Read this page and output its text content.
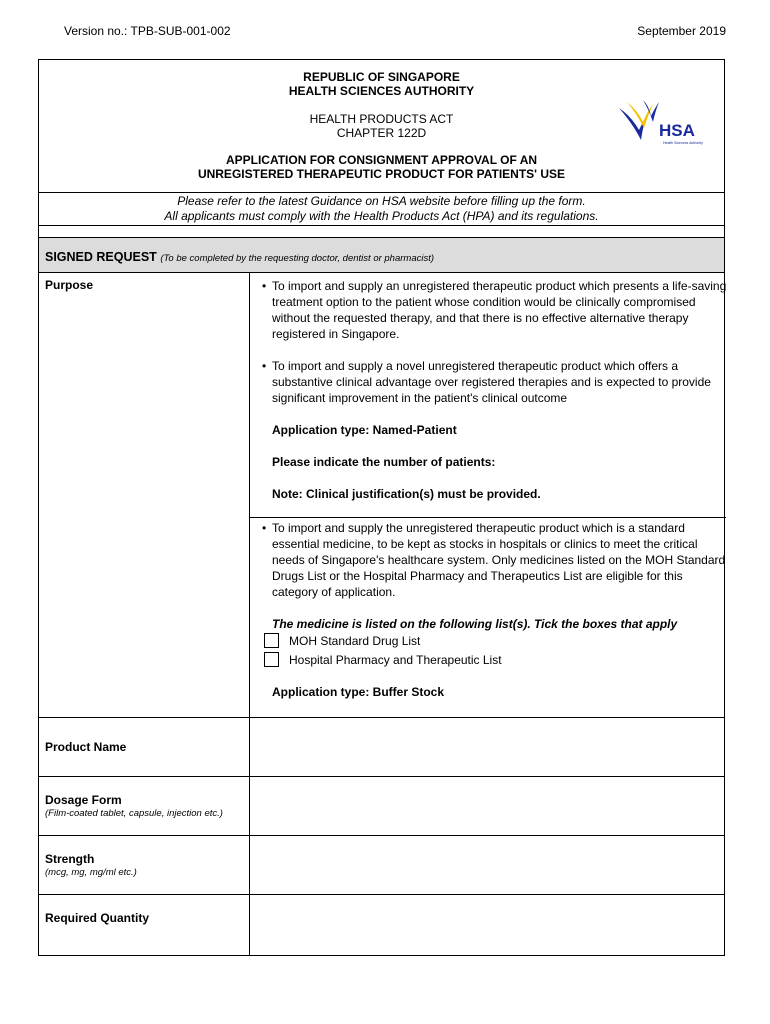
Version no.: TPB-SUB-001-002	September 2019
REPUBLIC OF SINGAPORE
HEALTH SCIENCES AUTHORITY
HEALTH PRODUCTS ACT
CHAPTER 122D
APPLICATION FOR CONSIGNMENT APPROVAL OF AN
UNREGISTERED THERAPEUTIC PRODUCT FOR PATIENTS' USE
HSA
Health Sciences Authority
Please refer to the latest Guidance on HSA website before filling up the form.
All applicants must comply with the Health Products Act (HPA) and its regulations.
SIGNED REQUEST (To be completed by the requesting doctor, dentist or pharmacist)
Purpose	• To import and supply an unregistered therapeutic product which presents a life-saving treatment option to the patient whose condition would be clinically compromised without the requested therapy, and that there is no effective alternative therapy registered in Singapore.
• To import and supply a novel unregistered therapeutic product which offers a substantive clinical advantage over registered therapies and is expected to provide significant improvement in the patient's clinical outcome
Application type: Named-Patient
Please indicate the number of patients:
Note: Clinical justification(s) must be provided.
• To import and supply the unregistered therapeutic product which is a standard essential medicine, to be kept as stocks in hospitals or clinics to meet the critical needs of Singapore's healthcare system. Only medicines listed on the MOH Standard Drugs List or the Hospital Pharmacy and Therapeutics List are eligible for this category of application.
The medicine is listed on the following list(s). Tick the boxes that apply
MOH Standard Drug List
Hospital Pharmacy and Therapeutic List
Application type: Buffer Stock
Product Name
Dosage Form
(Film-coated tablet, capsule, injection etc.)
Strength
(mcg, mg, mg/ml etc.)
Required Quantity
